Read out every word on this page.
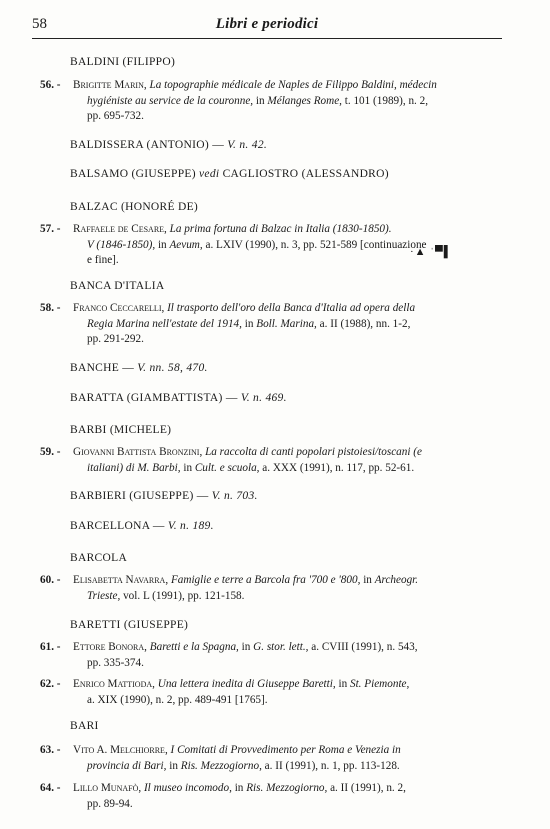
58	Libri e periodici
BALDINI (FILIPPO)
56. -	Brigitte Marin, La topographie médicale de Naples de Filippo Baldini, médecin
hygiéniste au service de la couronne, in Mélanges Rome, t. 101 (1989), n. 2,
pp. 695-732.
BALDISSERA (ANTONIO) — V. n. 42.
BALSAMO (GIUSEPPE) vedi CAGLIOSTRO (ALESSANDRO)
BALZAC (HONORÉ DE)
57. -	Raffaele de Cesare, La prima fortuna di Balzac in Italia (1830-1850).
V (1846-1850), in Aevum, a. LXIV (1990), n. 3, pp. 521-589 [continuazione
e fine].
·▲ ˈ▀▌
BANCA D'ITALIA
58. -	Franco Ceccarelli, Il trasporto dell'oro della Banca d'Italia ad opera della
Regia Marina nell'estate del 1914, in Boll. Marina, a. II (1988), nn. 1-2,
pp. 291-292.
BANCHE — V. nn. 58, 470.
BARATTA (GIAMBATTISTA) — V. n. 469.
BARBI (MICHELE)
59. -	Giovanni Battista Bronzini, La raccolta di canti popolari pistoiesi/toscani (e
italiani) di M. Barbi, in Cult. e scuola, a. XXX (1991), n. 117, pp. 52-61.
BARBIERI (GIUSEPPE) — V. n. 703.
BARCELLONA — V. n. 189.
BARCOLA
60. -	Elisabetta Navarra, Famiglie e terre a Barcola fra '700 e '800, in Archeogr.
Trieste, vol. L (1991), pp. 121-158.
BARETTI (GIUSEPPE)
61. -	Ettore Bonora, Baretti e la Spagna, in G. stor. lett., a. CVIII (1991), n. 543,
pp. 335-374.
62. -	Enrico Mattioda, Una lettera inedita di Giuseppe Baretti, in St. Piemonte,
a. XIX (1990), n. 2, pp. 489-491 [1765].
BARI
63. -	Vito A. Melchiorre, I Comitati di Provvedimento per Roma e Venezia in
provincia di Bari, in Ris. Mezzogiorno, a. II (1991), n. 1, pp. 113-128.
64. -	Lillo Munafò, Il museo incomodo, in Ris. Mezzogiorno, a. II (1991), n. 2,
pp. 89-94.
